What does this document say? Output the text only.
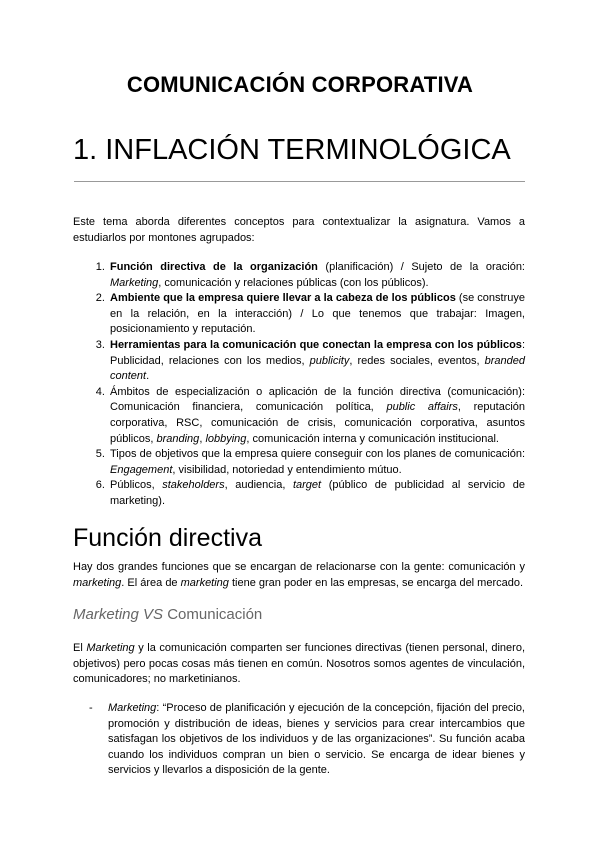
COMUNICACIÓN CORPORATIVA
1. INFLACIÓN TERMINOLÓGICA
Este tema aborda diferentes conceptos para contextualizar la asignatura. Vamos a estudiarlos por montones agrupados:
1. Función directiva de la organización (planificación) / Sujeto de la oración: Marketing, comunicación y relaciones públicas (con los públicos).
2. Ambiente que la empresa quiere llevar a la cabeza de los públicos (se construye en la relación, en la interacción) / Lo que tenemos que trabajar: Imagen, posicionamiento y reputación.
3. Herramientas para la comunicación que conectan la empresa con los públicos: Publicidad, relaciones con los medios, publicity, redes sociales, eventos, branded content.
4. Ámbitos de especialización o aplicación de la función directiva (comunicación): Comunicación financiera, comunicación política, public affairs, reputación corporativa, RSC, comunicación de crisis, comunicación corporativa, asuntos públicos, branding, lobbying, comunicación interna y comunicación institucional.
5. Tipos de objetivos que la empresa quiere conseguir con los planes de comunicación: Engagement, visibilidad, notoriedad y entendimiento mútuo.
6. Públicos, stakeholders, audiencia, target (público de publicidad al servicio de marketing).
Función directiva
Hay dos grandes funciones que se encargan de relacionarse con la gente: comunicación y marketing. El área de marketing tiene gran poder en las empresas, se encarga del mercado.
Marketing VS Comunicación
El Marketing y la comunicación comparten ser funciones directivas (tienen personal, dinero, objetivos) pero pocas cosas más tienen en común. Nosotros somos agentes de vinculación, comunicadores; no marketinianos.
-	Marketing: “Proceso de planificación y ejecución de la concepción, fijación del precio, promoción y distribución de ideas, bienes y servicios para crear intercambios que satisfagan los objetivos de los individuos y de las organizaciones”. Su función acaba cuando los individuos compran un bien o servicio. Se encarga de idear bienes y servicios y llevarlos a disposición de la gente.
